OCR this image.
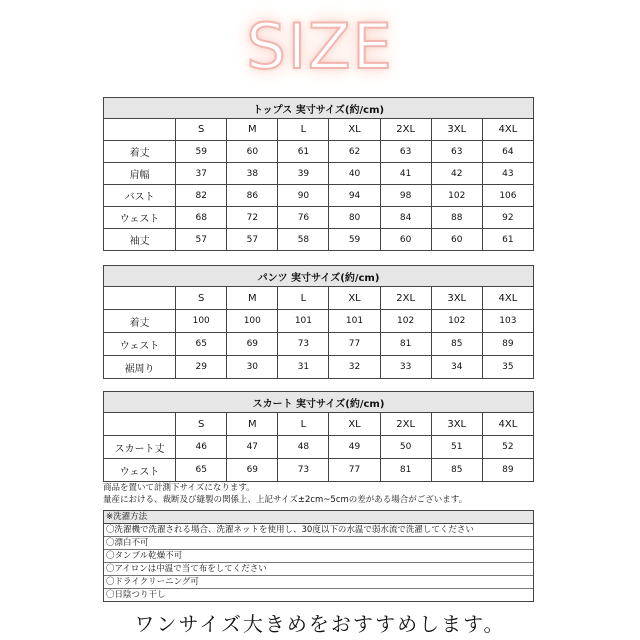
SIZE
トップス 実寸サイズ(約/cm)							
	S	M	L	XL	2XL	3XL	4XL
着丈	59	60	61	62	63	63	64
肩幅	37	38	39	40	41	42	43
バスト	82	86	90	94	98	102	106
ウェスト	68	72	76	80	84	88	92
袖丈	57	57	58	59	60	60	61
パンツ 実寸サイズ(約/cm)							
	S	M	L	XL	2XL	3XL	4XL
着丈	100	100	101	101	102	102	103
ウェスト	65	69	73	77	81	85	89
裾周り	29	30	31	32	33	34	35
スカート 実寸サイズ(約/cm)							
	S	M	L	XL	2XL	3XL	4XL
スカート丈	46	47	48	49	50	51	52
ウェスト	65	69	73	77	81	85	89
商品を置いて計測下サイズになります。
量産における、裁断及び縫製の関係上、上記サイズ±2cm~5cmの差がある場合がございます。
※洗濯方法
〇洗濯機で洗濯される場合、洗濯ネットを使用し、30度以下の水温で弱水流で洗濯してください
〇漂白不可
〇タンブル乾燥不可
〇アイロンは中温で当て布をしてください
〇ドライクリーニング可
〇日陰つり干し
ワンサイズ大きめをおすすめします。
